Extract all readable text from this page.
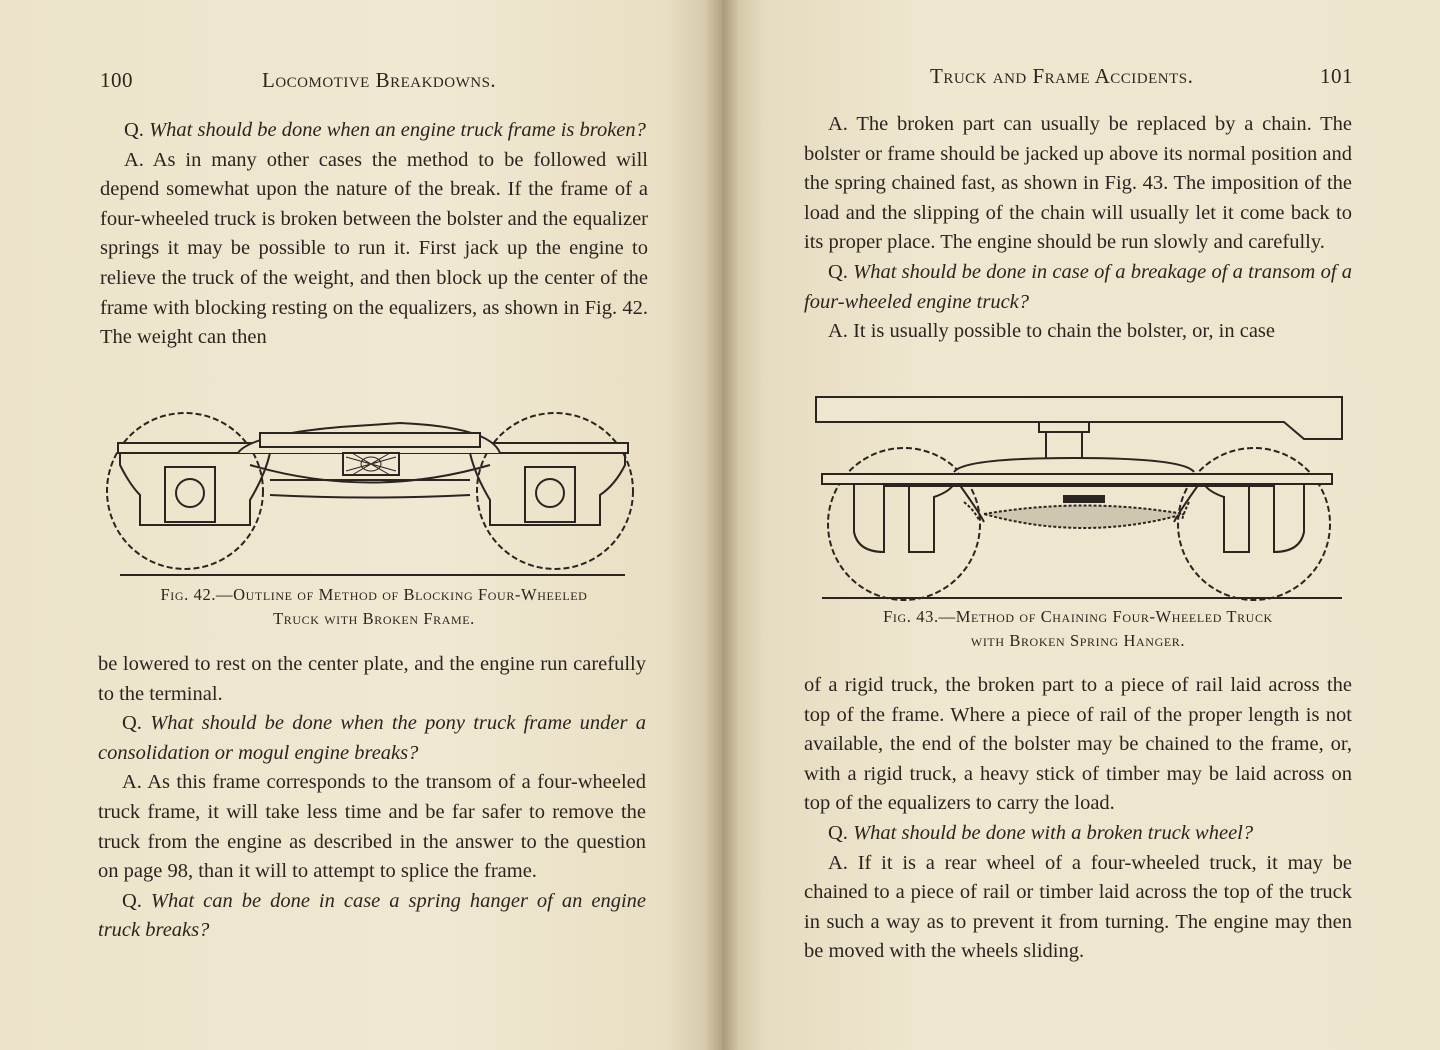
100	Locomotive Breakdowns.

Q. What should be done when an engine truck frame is broken?

A. As in many other cases the method to be followed will depend somewhat upon the nature of the break. If the frame of a four-wheeled truck is broken between the bolster and the equalizer springs it may be possible to run it. First jack up the engine to relieve the truck of the weight, and then block up the center of the frame with blocking resting on the equalizers, as shown in Fig. 42. The weight can then

Fig. 42.—Outline of Method of Blocking Four-Wheeled
Truck with Broken Frame.

be lowered to rest on the center plate, and the engine run carefully to the terminal.

Q. What should be done when the pony truck frame under a consolidation or mogul engine breaks?

A. As this frame corresponds to the transom of a four-wheeled truck frame, it will take less time and be far safer to remove the truck from the engine as described in the answer to the question on page 98, than it will to attempt to splice the frame.

Q. What can be done in case a spring hanger of an engine truck breaks?

Truck and Frame Accidents.	101

A. The broken part can usually be replaced by a chain. The bolster or frame should be jacked up above its normal position and the spring chained fast, as shown in Fig. 43. The imposition of the load and the slipping of the chain will usually let it come back to its proper place. The engine should be run slowly and carefully.

Q. What should be done in case of a breakage of a transom of a four-wheeled engine truck?

A. It is usually possible to chain the bolster, or, in case

Fig. 43.—Method of Chaining Four-Wheeled Truck
with Broken Spring Hanger.

of a rigid truck, the broken part to a piece of rail laid across the top of the frame. Where a piece of rail of the proper length is not available, the end of the bolster may be chained to the frame, or, with a rigid truck, a heavy stick of timber may be laid across on top of the equalizers to carry the load.

Q. What should be done with a broken truck wheel?

A. If it is a rear wheel of a four-wheeled truck, it may be chained to a piece of rail or timber laid across the top of the truck in such a way as to prevent it from turning. The engine may then be moved with the wheels sliding.
